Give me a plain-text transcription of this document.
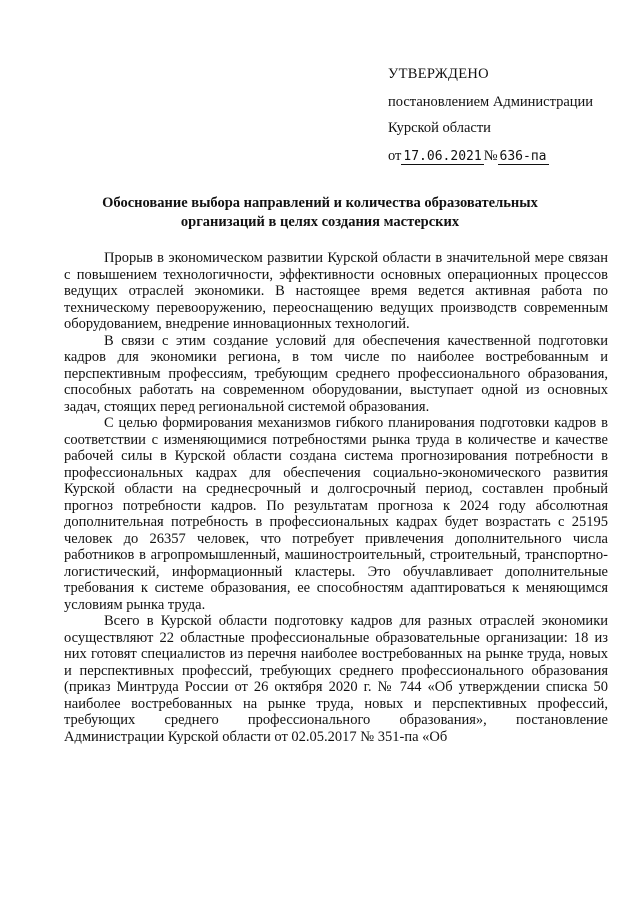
УТВЕРЖДЕНО
постановлением Администрации
Курской области
от 17.06.2021 № 636-па
Обоснование выбора направлений и количества образовательных организаций в целях создания мастерских

Прорыв в экономическом развитии Курской области в значительной мере связан с повышением технологичности, эффективности основных операционных процессов ведущих отраслей экономики. В настоящее время ведется активная работа по техническому перевооружению, переоснащению ведущих производств современным оборудованием, внедрение инновационных технологий.

В связи с этим создание условий для обеспечения качественной подготовки кадров для экономики региона, в том числе по наиболее востребованным и перспективным профессиям, требующим среднего профессионального образования, способных работать на современном оборудовании, выступает одной из основных задач, стоящих перед региональной системой образования.

С целью формирования механизмов гибкого планирования подготовки кадров в соответствии с изменяющимися потребностями рынка труда в количестве и качестве рабочей силы в Курской области создана система прогнозирования потребности в профессиональных кадрах для обеспечения социально-экономического развития Курской области на среднесрочный и долгосрочный период, составлен пробный прогноз потребности кадров. По результатам прогноза к 2024 году абсолютная дополнительная потребность в профессиональных кадрах будет возрастать с 25195 человек до 26357 человек, что потребует привлечения дополнительного числа работников в агропромышленный, машиностроительный, строительный, транспортно-логистический, информационный кластеры. Это обучлавливает дополнительные требования к системе образования, ее способностям адаптироваться к меняющимся условиям рынка труда.

Всего в Курской области подготовку кадров для разных отраслей экономики осуществляют 22 областные профессиональные образовательные организации: 18 из них готовят специалистов из перечня наиболее востребованных на рынке труда, новых и перспективных профессий, требующих среднего профессионального образования (приказ Минтруда России от 26 октября 2020 г. № 744 «Об утверждении списка 50 наиболее востребованных на рынке труда, новых и перспективных профессий, требующих среднего профессионального образования», постановление Администрации Курской области от 02.05.2017 № 351-па «Об
